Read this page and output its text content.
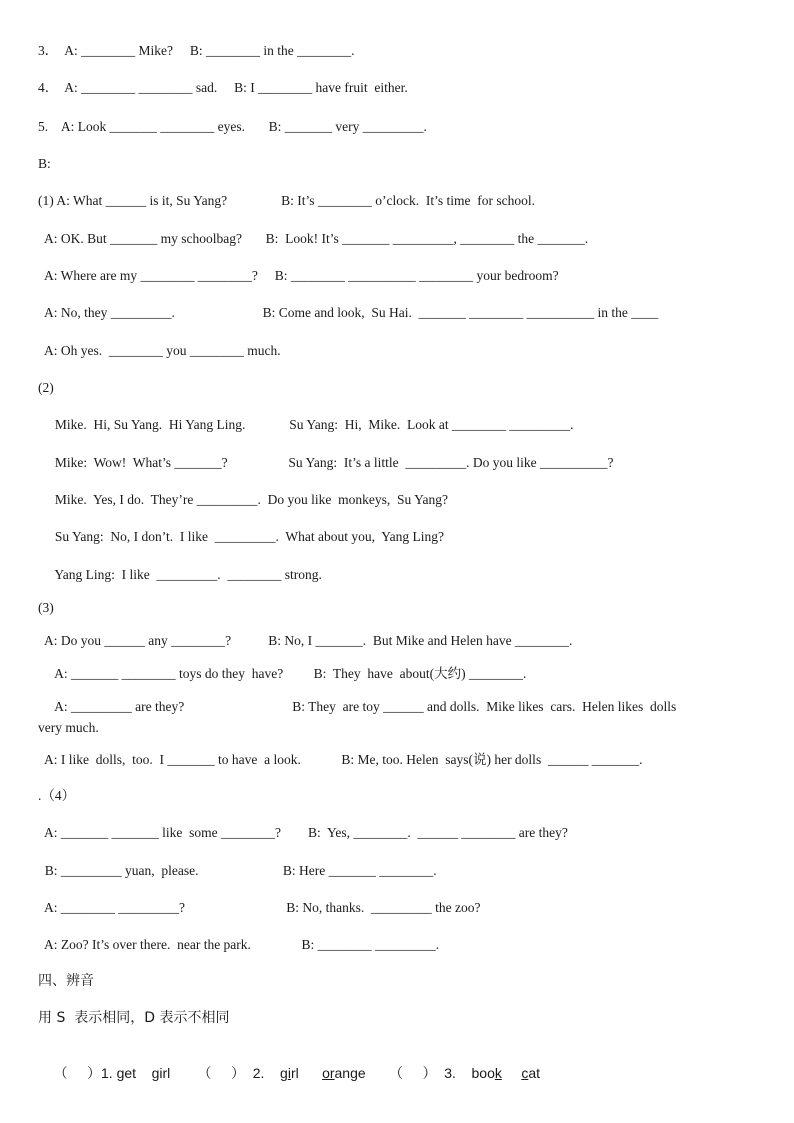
3．  A: ________ Mike?     B: ________ in the ________.
4．  A: ________ ________ sad.     B: I ________ have fruit  either.
5.    A: Look _______ ________ eyes.       B: _______ very _________.
B:
(1) A: What ______ is it, Su Yang?                B: It’s ________ o’clock.  It’s time  for school.
A: OK. But _______ my schoolbag?       B:  Look! It’s _______ _________, ________ the _______.
A: Where are my ________ ________?     B: ________ __________ ________ your bedroom?
A: No, they _________.                          B: Come and look,  Su Hai.  _______ ________ __________ in the ____
A: Oh yes.  ________ you ________ much.
(2)
Mike.  Hi, Su Yang.  Hi Yang Ling.             Su Yang:  Hi,  Mike.  Look at ________ _________.
Mike:  Wow!  What’s _______?                  Su Yang:  It’s a little  _________. Do you like __________?
Mike.  Yes, I do.  They’re _________.  Do you like  monkeys,  Su Yang?
Su Yang:  No, I don’t.  I like  _________.  What about you,  Yang Ling?
Yang Ling:  I like  _________.  ________ strong.
(3)
A: Do you ______ any ________?           B: No, I _______.  But Mike and Helen have ________.
A: _______ ________ toys do they  have?         B:  They  have  about(大约) ________.
A: _________ are they?                                B: They  are toy ______ and dolls.  Mike likes  cars.  Helen likes  dolls
very much.
A: I like  dolls,  too.  I _______ to have  a look.            B: Me, too. Helen  says(说) her dolls  ______ _______.
.（4）
A: _______ _______ like  some ________?        B:  Yes, ________.  ______ ________ are they?
B: _________ yuan,  please.                         B: Here _______ ________.
A: ________ _________?                              B: No, thanks.  _________ the zoo?
A: Zoo? It’s over there.  near the park.               B: ________ _________.
四、辨音
用 S  表示相同，D 表示不相同

（     ）1. get girl （     ） 2. girl orange （     ） 3. book cat
